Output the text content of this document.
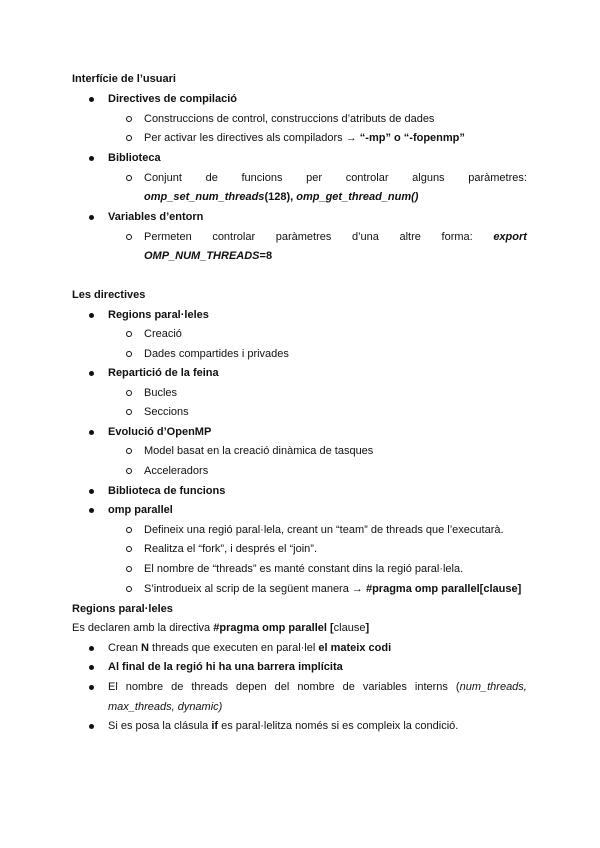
Interfície de l’usuari
Directives de compilació
Construccions de control, construccions d’atributs de dades
Per activar les directives als compiladors → “-mp” o “-fopenmp”
Biblioteca
Conjunt de funcions per controlar alguns paràmetres:
omp_set_num_threads(128), omp_get_thread_num()
Variables d’entorn
Permeten controlar paràmetres d’una altre forma: export
OMP_NUM_THREADS=8
Les directives
Regions paral·leles
Creació
Dades compartides i privades
Repartició de la feina
Bucles
Seccions
Evolució d’OpenMP
Model basat en la creació dinàmica de tasques
Acceleradors
Biblioteca de funcions
omp parallel
Defineix una regió paral·lela, creant un “team” de threads que l’executarà.
Realitza el “fork”, i després el “join”.
El nombre de “threads” es manté constant dins la regió paral·lela.
S’introdueix al scrip de la següent manera → #pragma omp parallel[clause]
Regions paral·leles
Es declaren amb la directiva #pragma omp parallel [clause]
Crean N threads que executen en paral·lel el mateix codi
Al final de la regió hi ha una barrera implícita
El nombre de threads depen del nombre de variables interns (num_threads,
max_threads, dynamic)
Si es posa la clásula if es paral·lelitza només si es compleix la condició.
